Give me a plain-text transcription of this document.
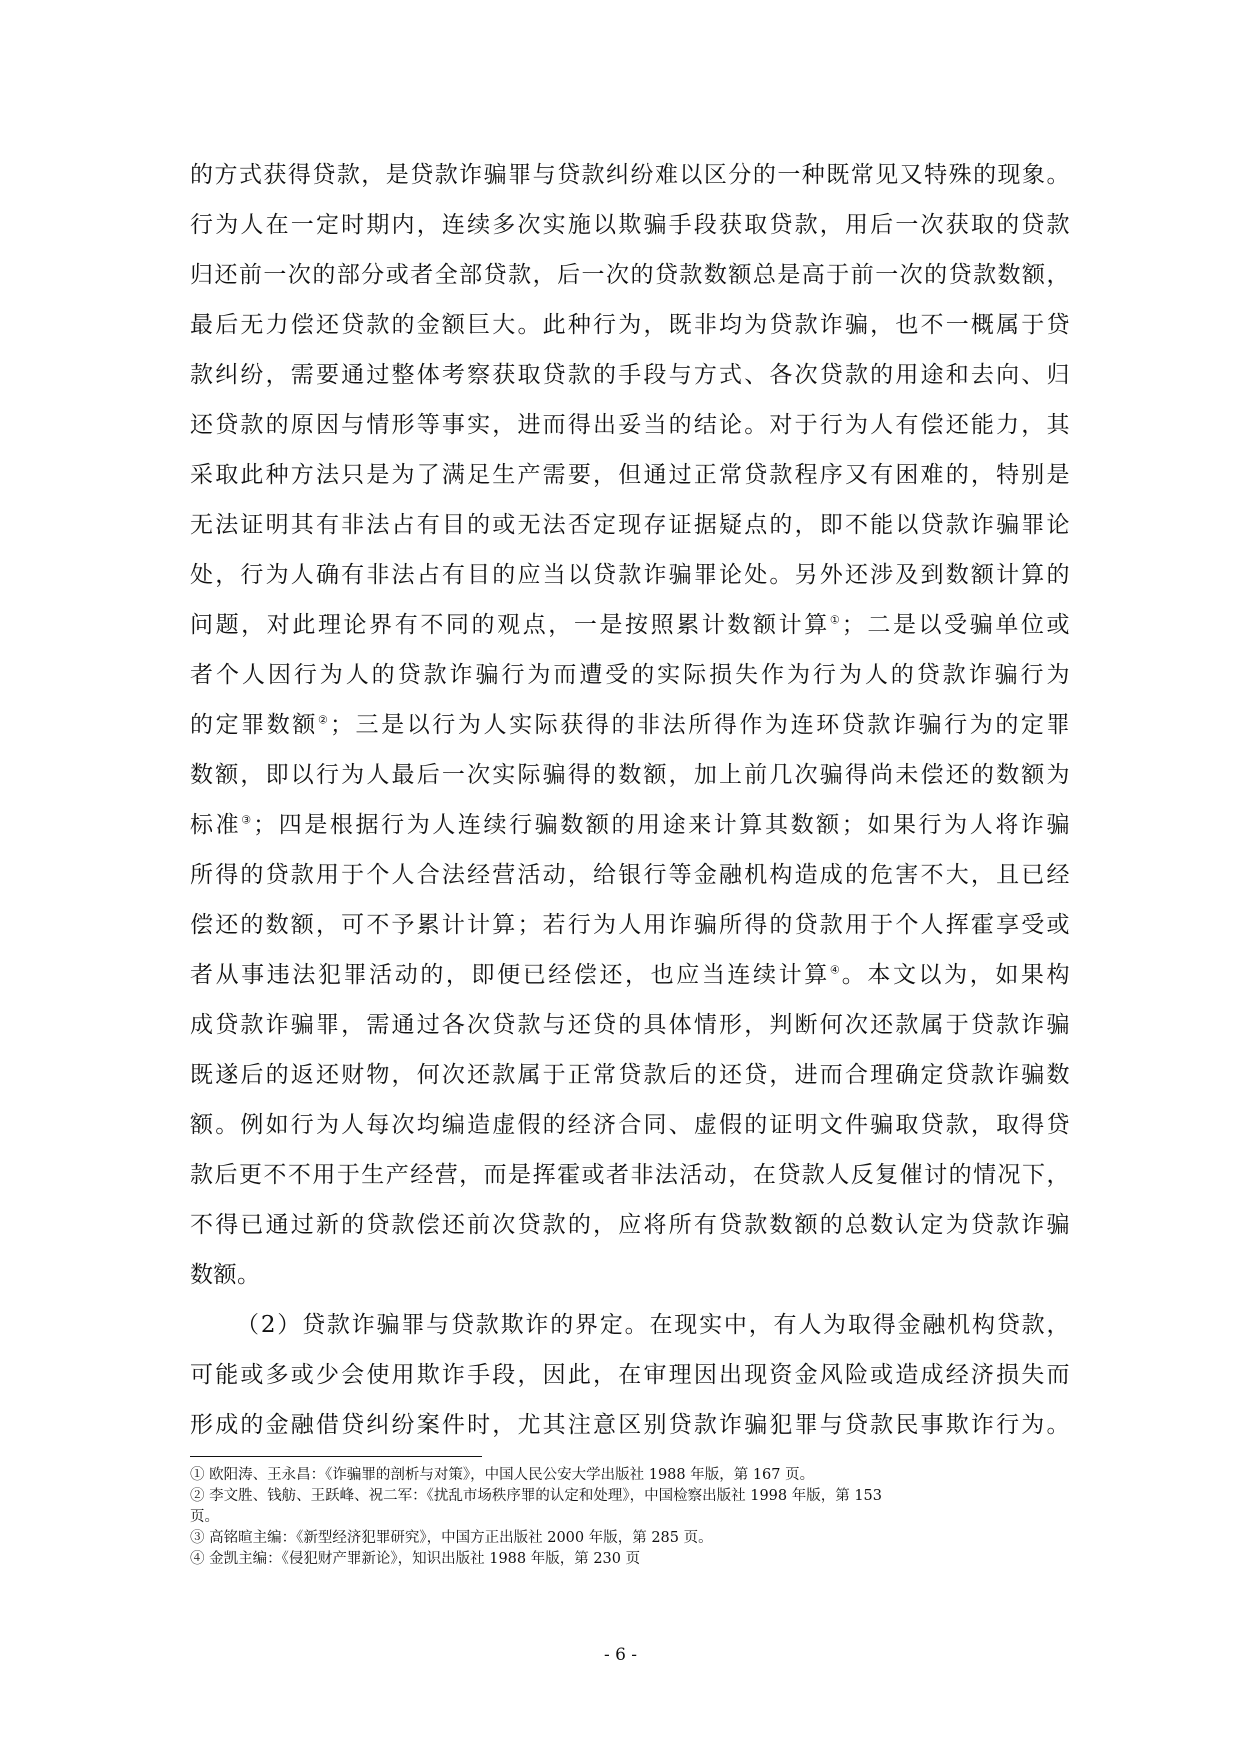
的方式获得贷款，是贷款诈骗罪与贷款纠纷难以区分的一种既常见又特殊的现象。
行为人在一定时期内，连续多次实施以欺骗手段获取贷款，用后一次获取的贷款
归还前一次的部分或者全部贷款，后一次的贷款数额总是高于前一次的贷款数额，
最后无力偿还贷款的金额巨大。此种行为，既非均为贷款诈骗，也不一概属于贷
款纠纷，需要通过整体考察获取贷款的手段与方式、各次贷款的用途和去向、归
还贷款的原因与情形等事实，进而得出妥当的结论。对于行为人有偿还能力，其
采取此种方法只是为了满足生产需要，但通过正常贷款程序又有困难的，特别是
无法证明其有非法占有目的或无法否定现存证据疑点的，即不能以贷款诈骗罪论
处，行为人确有非法占有目的应当以贷款诈骗罪论处。另外还涉及到数额计算的
问题，对此理论界有不同的观点，一是按照累计数额计算①；二是以受骗单位或
者个人因行为人的贷款诈骗行为而遭受的实际损失作为行为人的贷款诈骗行为
的定罪数额②；三是以行为人实际获得的非法所得作为连环贷款诈骗行为的定罪
数额，即以行为人最后一次实际骗得的数额，加上前几次骗得尚未偿还的数额为
标准③；四是根据行为人连续行骗数额的用途来计算其数额；如果行为人将诈骗
所得的贷款用于个人合法经营活动，给银行等金融机构造成的危害不大，且已经
偿还的数额，可不予累计计算；若行为人用诈骗所得的贷款用于个人挥霍享受或
者从事违法犯罪活动的，即便已经偿还，也应当连续计算④。本文以为，如果构
成贷款诈骗罪，需通过各次贷款与还贷的具体情形，判断何次还款属于贷款诈骗
既遂后的返还财物，何次还款属于正常贷款后的还贷，进而合理确定贷款诈骗数
额。例如行为人每次均编造虚假的经济合同、虚假的证明文件骗取贷款，取得贷
款后更不不用于生产经营，而是挥霍或者非法活动，在贷款人反复催讨的情况下，
不得已通过新的贷款偿还前次贷款的，应将所有贷款数额的总数认定为贷款诈骗
数额。
（2）贷款诈骗罪与贷款欺诈的界定。在现实中，有人为取得金融机构贷款，
可能或多或少会使用欺诈手段，因此，在审理因出现资金风险或造成经济损失而
形成的金融借贷纠纷案件时，尤其注意区别贷款诈骗犯罪与贷款民事欺诈行为。
① 欧阳涛、王永昌：《诈骗罪的剖析与对策》，中国人民公安大学出版社 1988 年版，第 167 页。
② 李文胜、钱舫、王跃峰、祝二军：《扰乱市场秩序罪的认定和处理》，中国检察出版社 1998 年版，第 153
页。
③ 高铭暄主编：《新型经济犯罪研究》，中国方正出版社 2000 年版，第 285 页。
④ 金凯主编：《侵犯财产罪新论》，知识出版社 1988 年版，第 230 页
- 6 -
